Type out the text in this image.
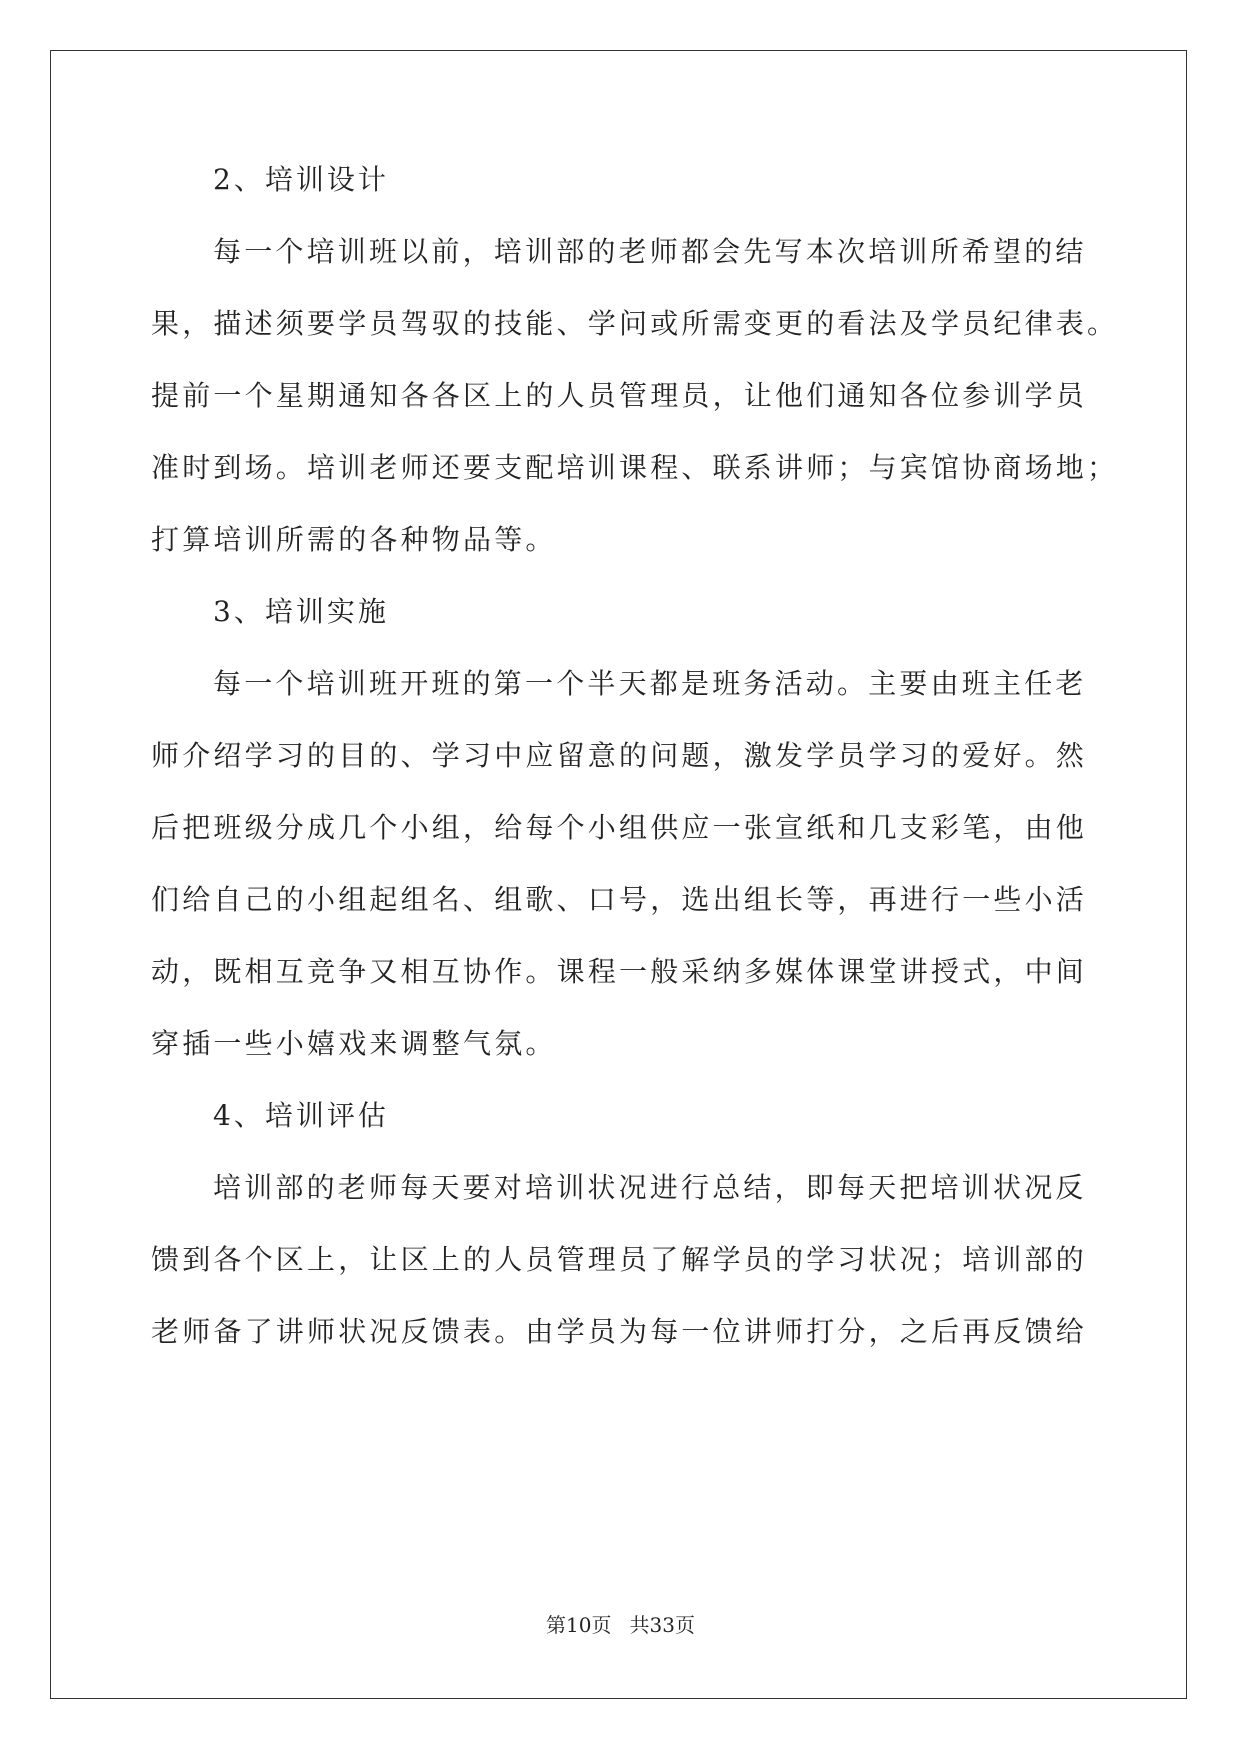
2、培训设计
每一个培训班以前，培训部的老师都会先写本次培训所希望的结
果，描述须要学员驾驭的技能、学问或所需变更的看法及学员纪律表。
提前一个星期通知各各区上的人员管理员，让他们通知各位参训学员
准时到场。培训老师还要支配培训课程、联系讲师；与宾馆协商场地；
打算培训所需的各种物品等。
3、培训实施
每一个培训班开班的第一个半天都是班务活动。主要由班主任老
师介绍学习的目的、学习中应留意的问题，激发学员学习的爱好。然
后把班级分成几个小组，给每个小组供应一张宣纸和几支彩笔，由他
们给自己的小组起组名、组歌、口号，选出组长等，再进行一些小活
动，既相互竞争又相互协作。课程一般采纳多媒体课堂讲授式，中间
穿插一些小嬉戏来调整气氛。
4、培训评估
培训部的老师每天要对培训状况进行总结，即每天把培训状况反
馈到各个区上，让区上的人员管理员了解学员的学习状况；培训部的
老师备了讲师状况反馈表。由学员为每一位讲师打分，之后再反馈给
第10页 共33页
